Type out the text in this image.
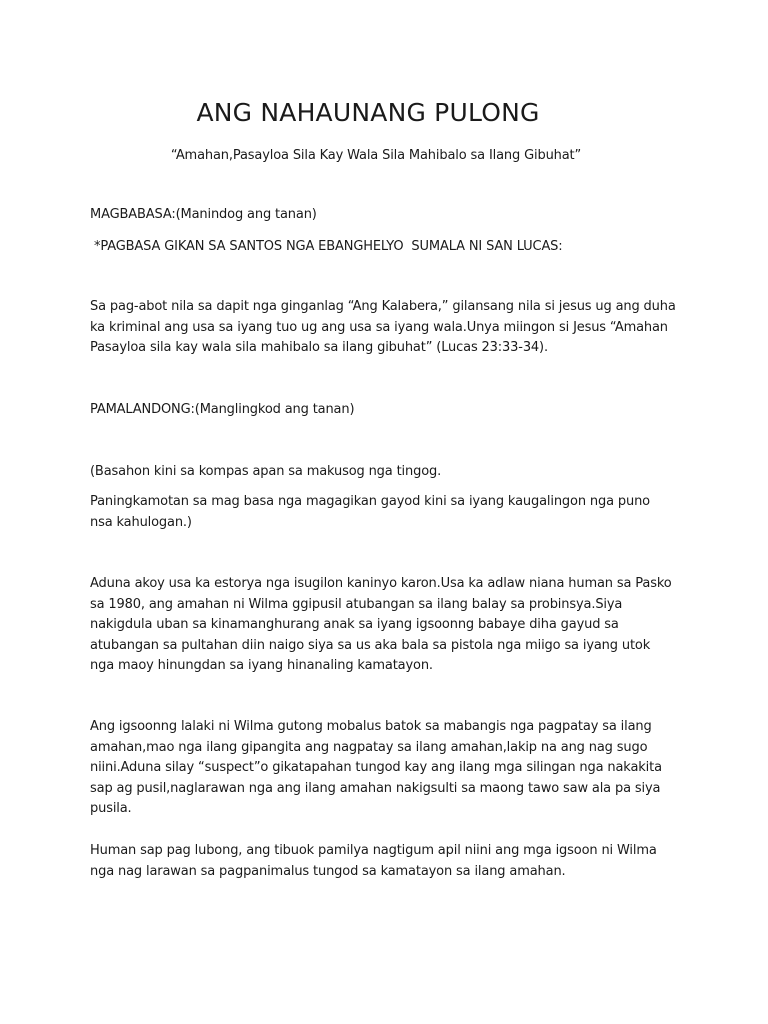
ANG NAHAUNANG PULONG

“Amahan,Pasayloa Sila Kay Wala Sila Mahibalo sa Ilang Gibuhat”

MAGBABASA:(Manindog ang tanan)

*PAGBASA GIKAN SA SANTOS NGA EBANGHELYO  SUMALA NI SAN LUCAS:

Sa pag-abot nila sa dapit nga ginganlag “Ang Kalabera,” gilansang nila si jesus ug ang duha ka kriminal ang usa sa iyang tuo ug ang usa sa iyang wala.Unya miingon si Jesus “Amahan Pasayloa sila kay wala sila mahibalo sa ilang gibuhat” (Lucas 23:33-34).

PAMALANDONG:(Manglingkod ang tanan)

(Basahon kini sa kompas apan sa makusog nga tingog.

Paningkamotan sa mag basa nga magagikan gayod kini sa iyang kaugalingon nga puno nsa kahulogan.)

Aduna akoy usa ka estorya nga isugilon kaninyo karon.Usa ka adlaw niana human sa Pasko sa 1980, ang amahan ni Wilma ggipusil atubangan sa ilang balay sa probinsya.Siya nakigdula uban sa kinamanghurang anak sa iyang igsoonng babaye diha gayud sa atubangan sa pultahan diin naigo siya sa us aka bala sa pistola nga miigo sa iyang utok nga maoy hinungdan sa iyang hinanaling kamatayon.

Ang igsoonng lalaki ni Wilma gutong mobalus batok sa mabangis nga pagpatay sa ilang amahan,mao nga ilang gipangita ang nagpatay sa ilang amahan,lakip na ang nag sugo niini.Aduna silay “suspect”o gikatapahan tungod kay ang ilang mga silingan nga nakakita sap ag pusil,naglarawan nga ang ilang amahan nakigsulti sa maong tawo saw ala pa siya pusila.

Human sap pag lubong, ang tibuok pamilya nagtigum apil niini ang mga igsoon ni Wilma nga nag larawan sa pagpanimalus tungod sa kamatayon sa ilang amahan.
